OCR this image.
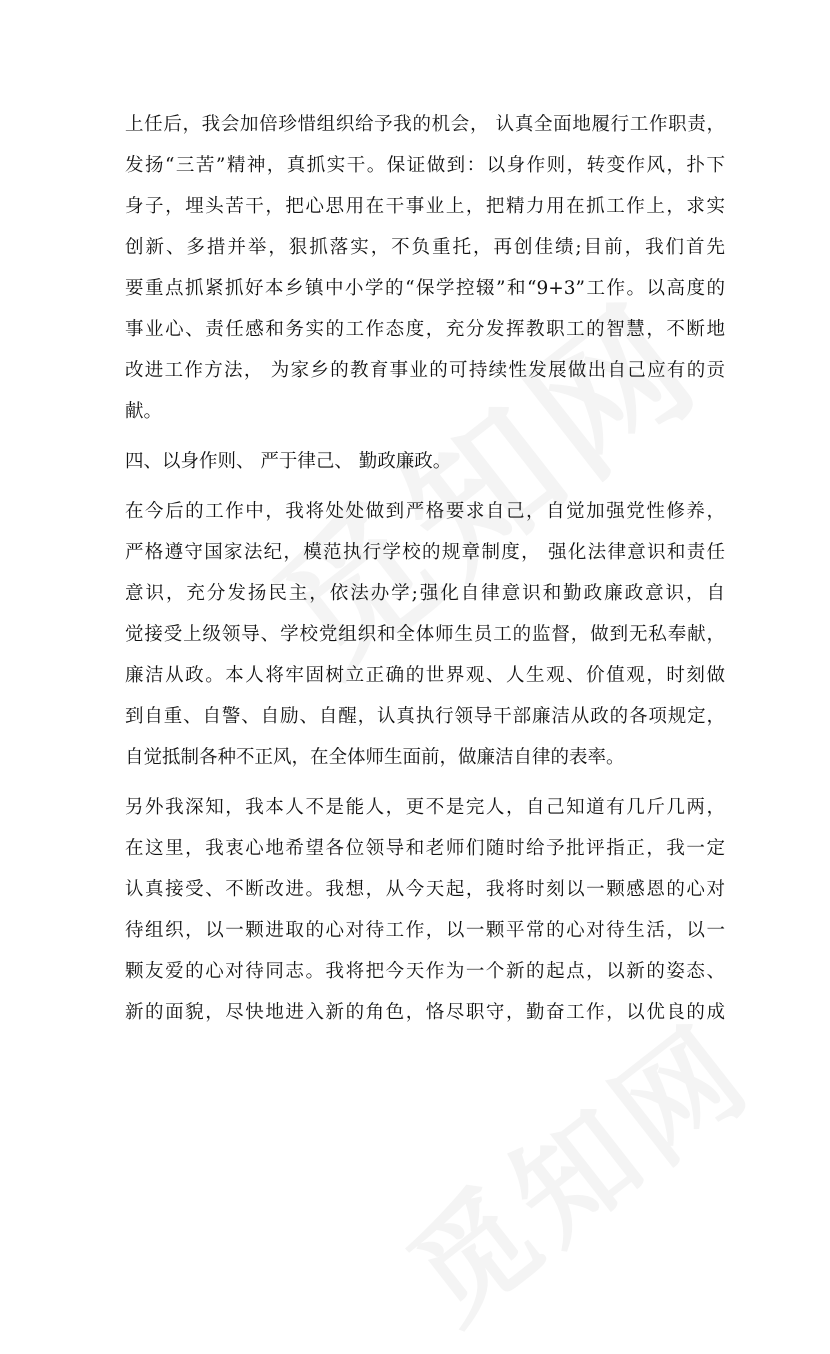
上任后，我会加倍珍惜组织给予我的机会， 认真全面地履行工作职责，
发扬“三苦”精神，真抓实干。保证做到：以身作则，转变作风，扑下
身子，埋头苦干，把心思用在干事业上，把精力用在抓工作上，求实
创新、多措并举，狠抓落实，不负重托，再创佳绩;目前，我们首先
要重点抓紧抓好本乡镇中小学的“保学控辍”和“9+3”工作。以高度的
事业心、责任感和务实的工作态度，充分发挥教职工的智慧，不断地
改进工作方法， 为家乡的教育事业的可持续性发展做出自己应有的贡
献。
四、以身作则、 严于律己、 勤政廉政。
在今后的工作中，我将处处做到严格要求自己，自觉加强党性修养，
严格遵守国家法纪，模范执行学校的规章制度， 强化法律意识和责任
意识，充分发扬民主，依法办学;强化自律意识和勤政廉政意识，自
觉接受上级领导、学校党组织和全体师生员工的监督，做到无私奉献，
廉洁从政。本人将牢固树立正确的世界观、人生观、价值观，时刻做
到自重、自警、自励、自醒，认真执行领导干部廉洁从政的各项规定，
自觉抵制各种不正风，在全体师生面前，做廉洁自律的表率。
另外我深知，我本人不是能人，更不是完人，自己知道有几斤几两，
在这里，我衷心地希望各位领导和老师们随时给予批评指正，我一定
认真接受、不断改进。我想，从今天起，我将时刻以一颗感恩的心对
待组织，以一颗进取的心对待工作，以一颗平常的心对待生活，以一
颗友爱的心对待同志。我将把今天作为一个新的起点，以新的姿态、
新的面貌，尽快地进入新的角色，恪尽职守，勤奋工作，以优良的成
